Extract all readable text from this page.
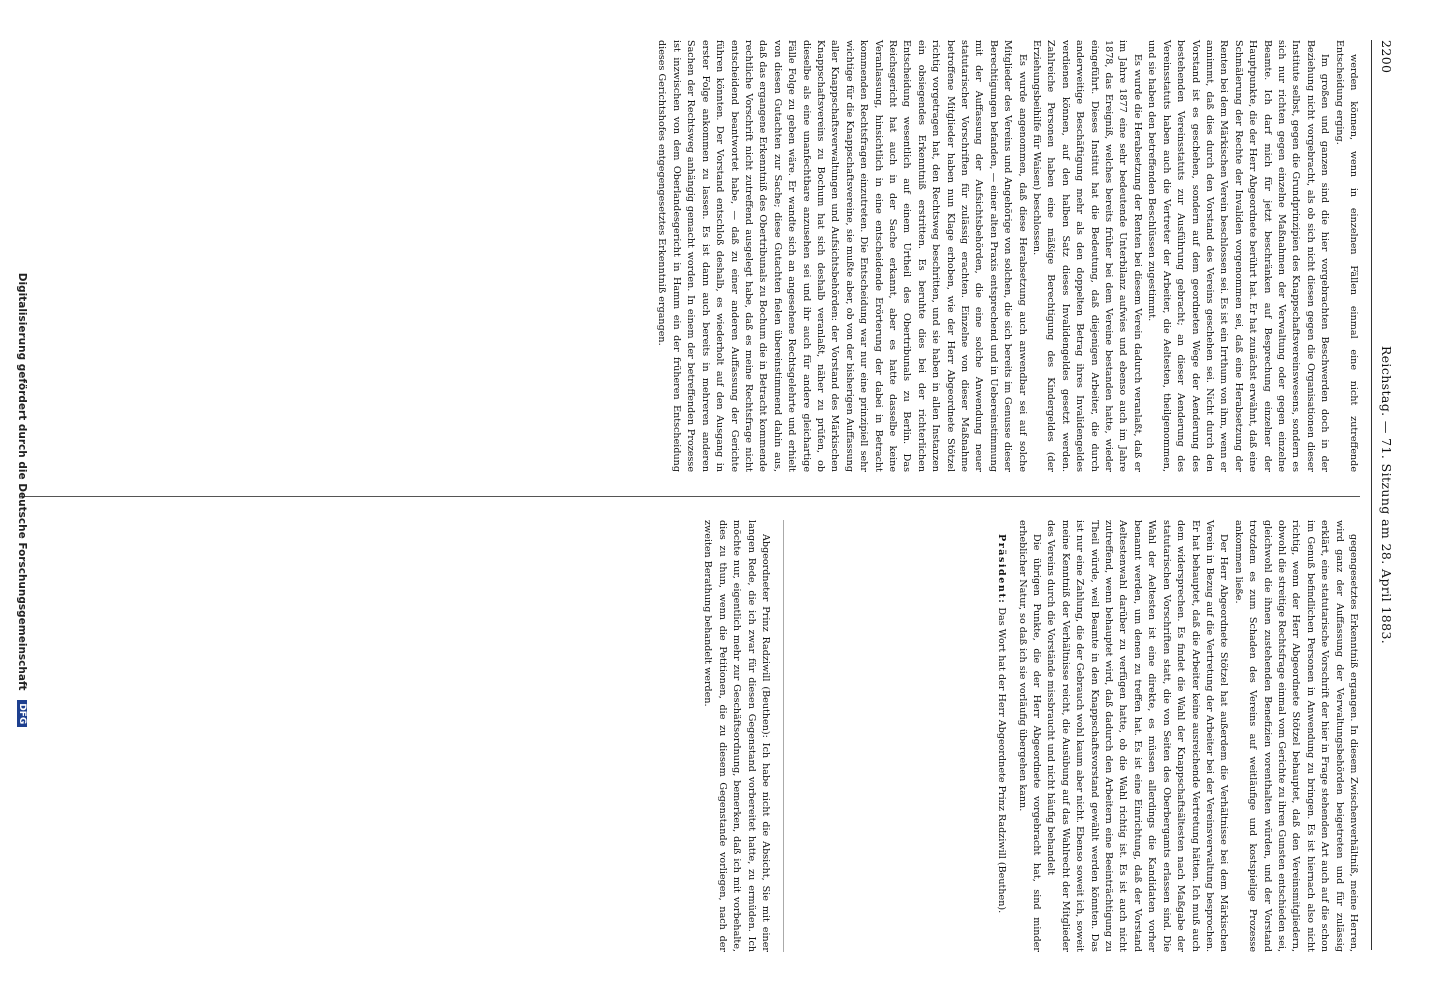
2200
Reichstag. — 71. Sitzung am 28. April 1883.

werden können, wenn in einzelnen Fällen einmal eine nicht zutreffende Entscheidung erging.

Im großen und ganzen sind die hier vorgebrachten Beschwerden doch in der Beziehung nicht vorgebracht, als ob sich nicht diesen gegen die Organisationen dieser Institute selbst, gegen die Grundprinzipien des Knappschaftsvereinswesens, sondern es sich nur richten gegen einzelne Maßnahmen der Verwaltung oder gegen einzelne Beamte. Ich darf mich für jetzt beschränken auf Besprechung einzelner der Hauptpunkte, die der Herr Abgeordnete berührt hat. Er hat zunächst erwähnt, daß eine Schmälerung der Rechte der Invaliden vorgenommen sei, daß eine Herabsetzung der Renten bei dem Märkischen Verein beschlossen sei. Es ist ein Irrthum von ihm, wenn er annimmt, daß dies durch den Vorstand des Vereins geschehen sei. Nicht durch den Vorstand ist es geschehen, sondern auf dem geordneten Wege der Aenderung des bestehenden Vereinsstatuts zur Ausführung gebracht; an dieser Aenderung des Vereinsstatuts haben auch die Vertreter der Arbeiter, die Aeltesten, theilgenommen, und sie haben den betreffenden Beschlüssen zugestimmt.

Es wurde die Herabsetzung der Renten bei diesem Verein dadurch veranlaßt, daß er im Jahre 1877 eine sehr bedeutende Unterbilanz aufwies und ebenso auch im Jahre 1878, das Ereigniß, welches bereits früher bei dem Vereine bestanden hatte, wieder eingeführt. Dieses Institut hat die Bedeutung, daß diejenigen Arbeiter, die durch anderweitige Beschäftigung mehr als den doppelten Betrag ihres Invalidengeldes verdienen können, auf den halben Satz dieses Invalidengeldes gesetzt werden. Zahlreiche Personen haben eine mäßige Berechtigung des Kindergeldes (der Erziehungsbeihilfe für Waisen) beschlossen.

Es wurde angenommen, daß diese Herabsetzung auch anwendbar sei auf solche Mitglieder des Vereins und Angehörige von solchen, die sich bereits im Genusse dieser Berechtigungen befanden, — einer alten Praxis entsprechend und in Uebereinstimmung mit der Auffassung der Aufsichtsbehörden, die eine solche Anwendung neuer statutarischer Vorschriften für zulässig erachten. Einzelne von dieser Maßnahme betroffene Mitglieder haben nun Klage erhoben, wie der Herr Abgeordnete Stötzel richtig vorgetragen hat, den Rechtsweg beschritten, und sie haben in allen Instanzen ein obsiegendes Erkenntniß erstritten. Es beruhte dies bei der richterlichen Entscheidung wesentlich auf einem Urtheil des Obertribunals zu Berlin. Das Reichsgericht hat auch in der Sache erkannt, aber es hatte dasselbe keine Veranlassung, hinsichtlich in eine entscheidende Erörterung der dabei in Betracht kommenden Rechtsfragen einzutreten. Die Entscheidung war nur eine prinzipiell sehr wichtige für die Knappschaftsvereine, sie mußte aber, ob von der bisherigen Auffassung aller Knappschaftsverwaltungen und Aufsichtsbehörden: der Vorstand des Märkischen Knappschaftsvereins zu Bochum hat sich deshalb veranlaßt, näher zu prüfen, ob dieselbe als eine unanfechtbare anzusehen sei und ihr auch für andere gleichartige Fälle Folge zu geben wäre. Er wandte sich an angesehene Rechtsgelehrte und erhielt von diesen Gutachten zur Sache; diese Gutachten fielen übereinstimmend dahin aus, daß das ergangene Erkenntniß des Obertribunals zu Bochum die in Betracht kommende rechtliche Vorschrift nicht zutreffend ausgelegt habe, daß es meine Rechtsfrage nicht entscheidend beantwortet habe, — daß zu einer anderen Auffassung der Gerichte führen könnten. Der Vorstand entschloß deshalb, es wiederholt auf den Ausgang in erster Folge ankommen zu lassen. Es ist dann auch bereits in mehreren anderen Sachen der Rechtsweg anhängig gemacht worden. In einem der betreffenden Prozesse ist inzwischen von dem Oberlandesgericht in Hamm ein der früheren Entscheidung dieses Gerichtshofes entgegengesetztes Erkenntniß ergangen.

gegengesetztes Erkenntniß ergangen. In diesem Zwischenverhältniß, meine Herren, wird ganz der Auffassung der Verwaltungsbehörden beigetreten und für zulässig erklärt, eine statutarische Vorschrift der hier in Frage stehenden Art auch auf die schon im Genuß befindlichen Personen in Anwendung zu bringen. Es ist hiernach also nicht richtig, wenn der Herr Abgeordnete Stötzel behauptet, daß den Vereinsmitgliedern, obwohl die streitige Rechtsfrage einmal vom Gerichte zu ihren Gunsten entschieden sei, gleichwohl die ihnen zustehenden Benefizien vorenthalten würden, und der Vorstand trotzdem es zum Schaden des Vereins auf weitläufige und kostspielige Prozesse ankommen ließe.

Der Herr Abgeordnete Stötzel hat außerdem die Verhältnisse bei dem Märkischen Verein in Bezug auf die Vertretung der Arbeiter bei der Vereinsverwaltung besprochen. Er hat behauptet, daß die Arbeiter keine ausreichende Vertretung hätten. Ich muß auch dem widersprechen. Es findet die Wahl der Knappschaftsältesten nach Maßgabe der statutarischen Vorschriften statt, die von Seiten des Oberbergamts erlassen sind. Die Wahl der Aeltesten ist eine direkte, es müssen allerdings die Kandidaten vorher benannt werden, um denen zu treffen hat. Es ist eine Einrichtung, daß der Vorstand Aeltestenwahl darüber zu verfügen hatte, ob die Wahl richtig ist. Es ist auch nicht zutreffend, wenn behauptet wird, daß dadurch den Arbeitern eine Beeinträchtigung zu Theil würde, weil Beamte in den Knappschaftsvorstand gewählt werden könnten. Das ist nur eine Zahlung, die der Gebrauch wohl kaum aber nicht. Ebenso soweit ich, soweit meine Kenntniß der Verhältnisse reicht, die Ausübung auf das Wahlrecht der Mitglieder des Vereins durch die Vorstände missbraucht und nicht häufig behandelt

Die übrigen Punkte, die der Herr Abgeordnete vorgebracht hat, sind minder erheblicher Natur, so daß ich sie vorläufig übergehen kann.

Präsident: Das Wort hat der Herr Abgeordnete Prinz Radziwill (Beuthen).

Abgeordneter Prinz Radziwill (Beuthen): Ich habe nicht die Absicht, Sie mit einer langen Rede, die ich zwar für diesen Gegenstand vorbereitet hatte, zu ermüden. Ich möchte nur, eigentlich mehr zur Geschäftsordnung, bemerken, daß ich mit vorbehalte, dies zu thun, wenn die Petitionen, die zu diesem Gegenstande vorliegen, nach der zweiten Berathung behandelt werden.

Digitalisierung gefördert durch die Deutsche Forschungsgemeinschaft DFG
